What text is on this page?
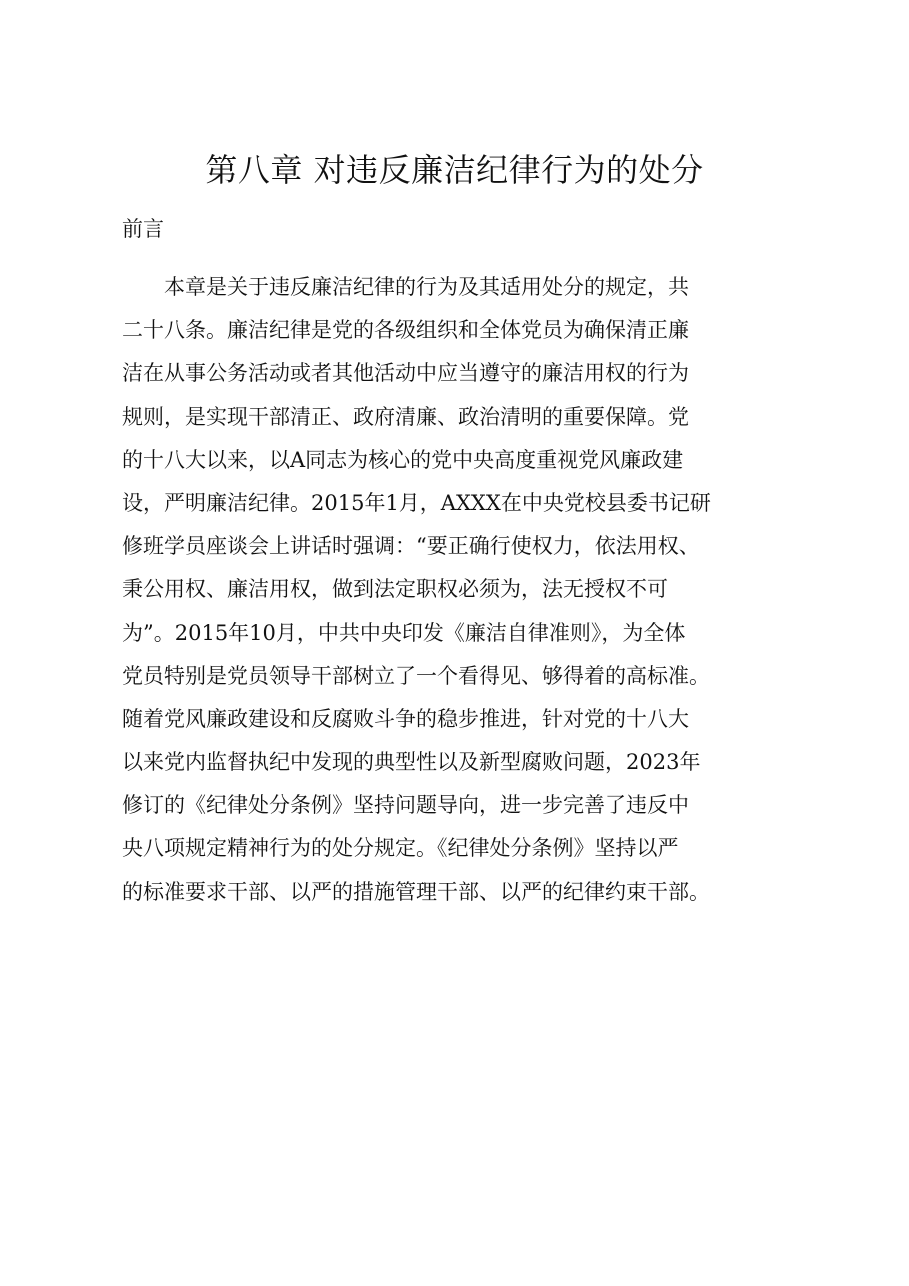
第八章 对违反廉洁纪律行为的处分
前言
　　本章是关于违反廉洁纪律的行为及其适用处分的规定，共
二十八条。廉洁纪律是党的各级组织和全体党员为确保清正廉
洁在从事公务活动或者其他活动中应当遵守的廉洁用权的行为
规则，是实现干部清正、政府清廉、政治清明的重要保障。党
的十八大以来，以A同志为核心的党中央高度重视党风廉政建
设，严明廉洁纪律。2015年1月，AXXX在中央党校县委书记研
修班学员座谈会上讲话时强调：“要正确行使权力，依法用权、
秉公用权、廉洁用权，做到法定职权必须为，法无授权不可
为”。2015年10月，中共中央印发《廉洁自律准则》，为全体
党员特别是党员领导干部树立了一个看得见、够得着的高标准。
随着党风廉政建设和反腐败斗争的稳步推进，针对党的十八大
以来党内监督执纪中发现的典型性以及新型腐败问题，2023年
修订的《纪律处分条例》坚持问题导向，进一步完善了违反中
央八项规定精神行为的处分规定。《纪律处分条例》坚持以严
的标准要求干部、以严的措施管理干部、以严的纪律约束干部。
